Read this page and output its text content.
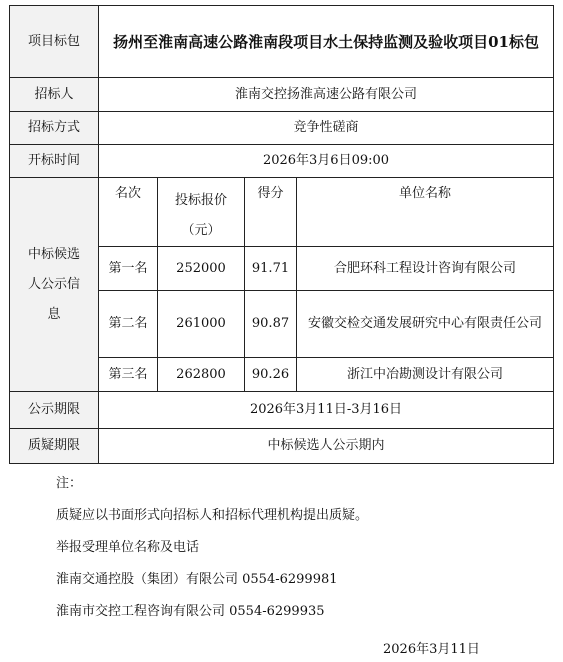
项目标包	扬州至淮南高速公路淮南段项目水土保持监测及验收项目01标包			
招标人	淮南交控扬淮高速公路有限公司			
招标方式	竞争性磋商			
开标时间	2026年3月6日09:00			
中标候选人公示信息	名次	投标报价（元）	得分	单位名称
	第一名	252000	91.71	合肥环科工程设计咨询有限公司
	第二名	261000	90.87	安徽交检交通发展研究中心有限责任公司
	第三名	262800	90.26	浙江中冶勘测设计有限公司
公示期限	2026年3月11日-3月16日			
质疑期限	中标候选人公示期内			
注：
质疑应以书面形式向招标人和招标代理机构提出质疑。
举报受理单位名称及电话
淮南交通控股（集团）有限公司 0554-6299981
淮南市交控工程咨询有限公司 0554-6299935
2026年3月11日
